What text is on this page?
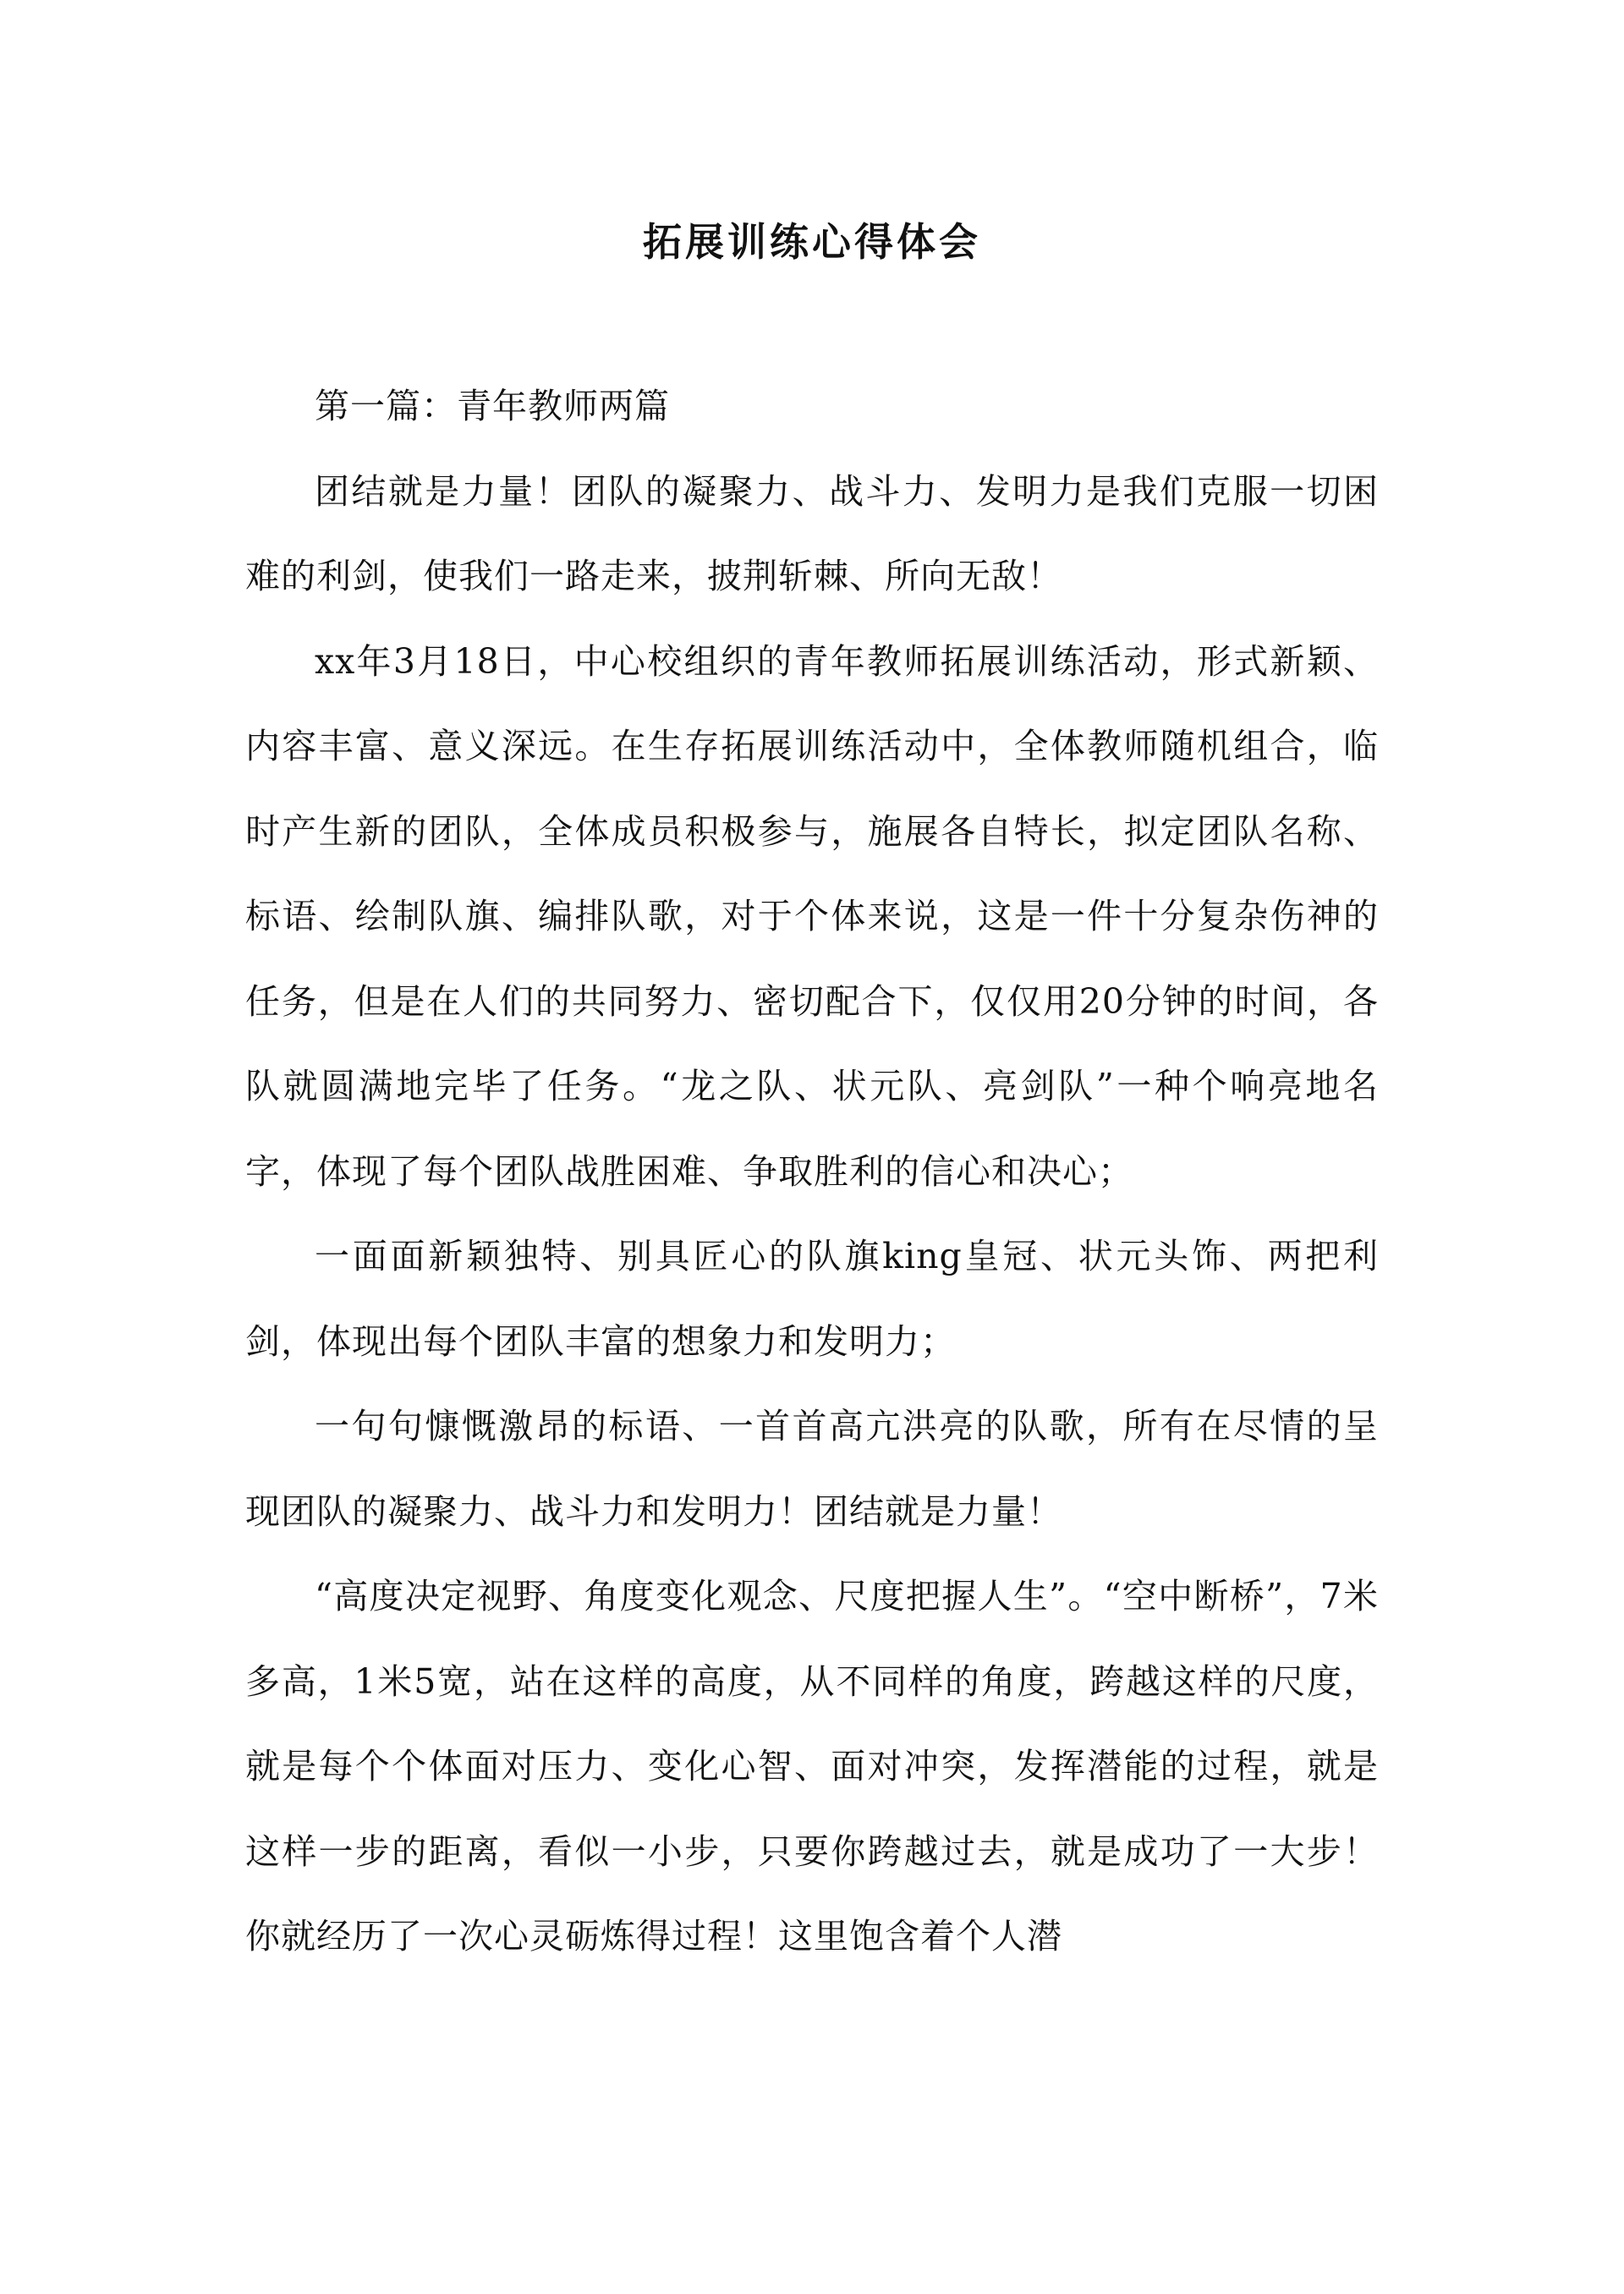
拓展训练心得体会

第一篇：青年教师两篇

团结就是力量！团队的凝聚力、战斗力、发明力是我们克服一切困难的利剑，使我们一路走来，披荆斩棘、所向无敌！

xx年3月18日，中心校组织的青年教师拓展训练活动，形式新颖、内容丰富、意义深远。在生存拓展训练活动中，全体教师随机组合，临时产生新的团队，全体成员积极参与，施展各自特长，拟定团队名称、标语、绘制队旗、编排队歌，对于个体来说，这是一件十分复杂伤神的任务，但是在人们的共同努力、密切配合下，仅仅用20分钟的时间，各队就圆满地完毕了任务。“龙之队、状元队、亮剑队”一种个响亮地名字，体现了每个团队战胜困难、争取胜利的信心和决心；

一面面新颖独特、别具匠心的队旗king皇冠、状元头饰、两把利剑，体现出每个团队丰富的想象力和发明力；

一句句慷慨激昂的标语、一首首高亢洪亮的队歌，所有在尽情的呈现团队的凝聚力、战斗力和发明力！团结就是力量！

“高度决定视野、角度变化观念、尺度把握人生”。“空中断桥”，7米多高，1米5宽，站在这样的高度，从不同样的角度，跨越这样的尺度，就是每个个体面对压力、变化心智、面对冲突，发挥潜能的过程，就是这样一步的距离，看似一小步，只要你跨越过去，就是成功了一大步！你就经历了一次心灵砺炼得过程！这里饱含着个人潜
